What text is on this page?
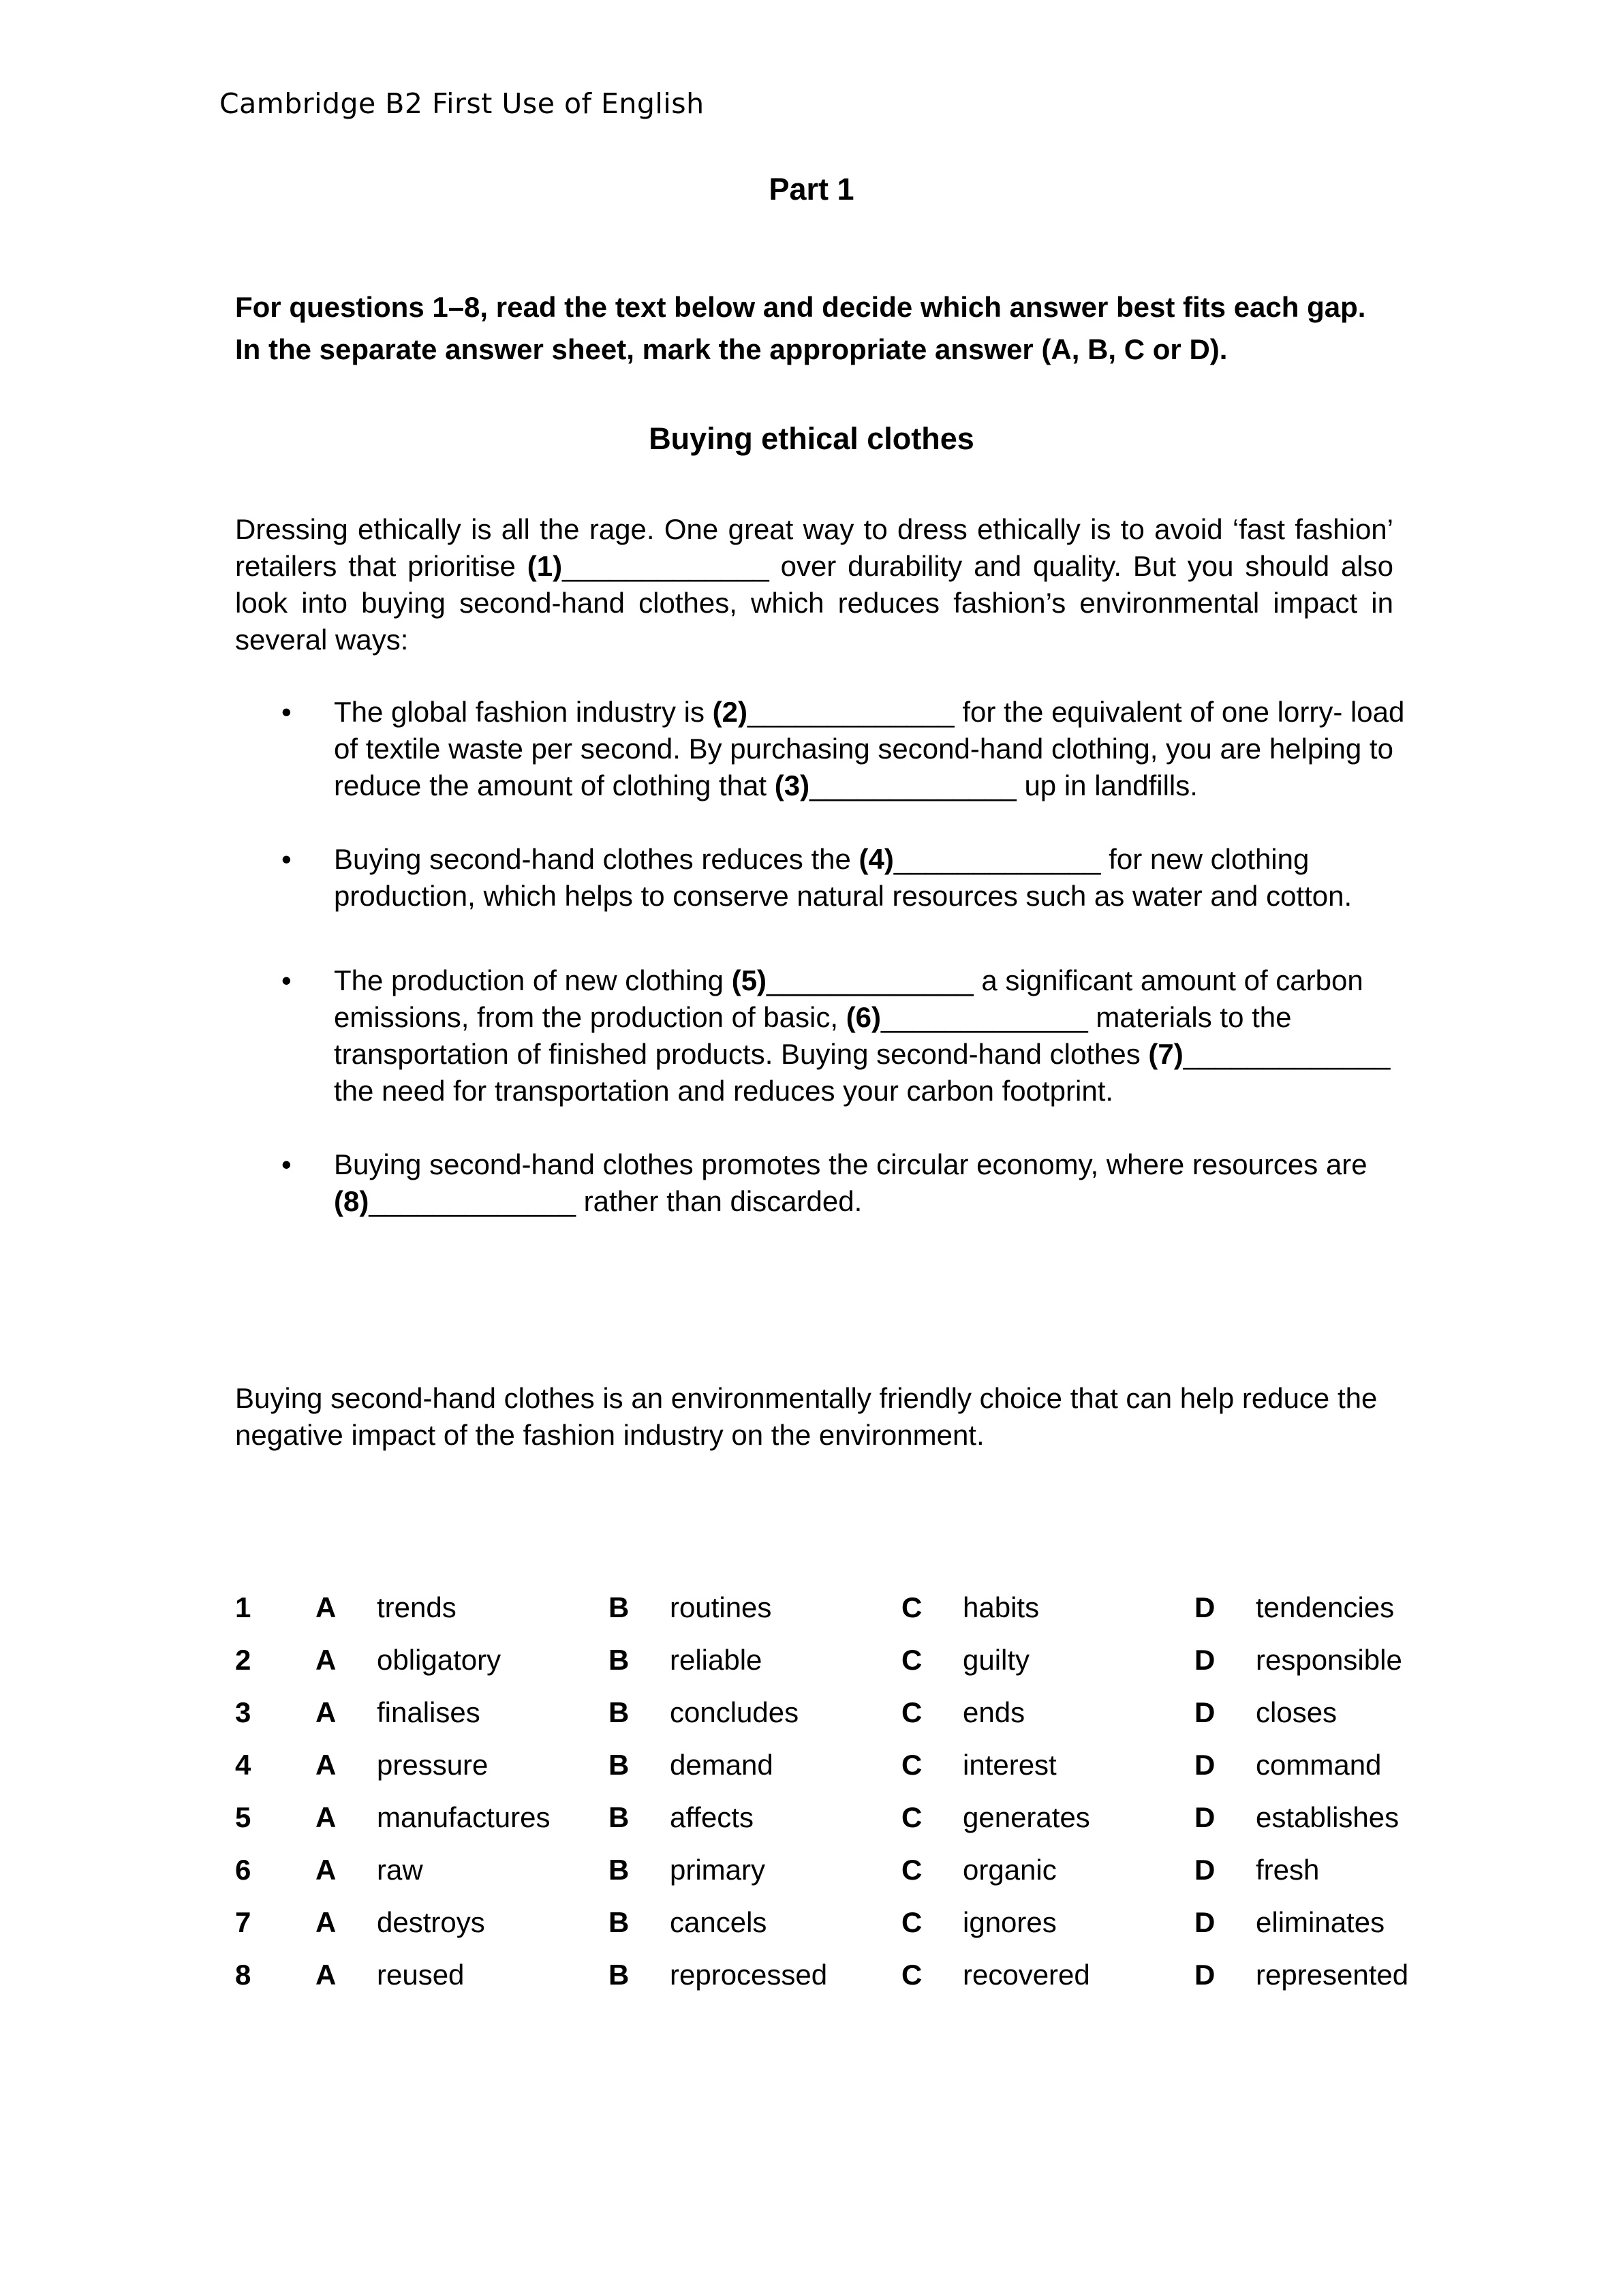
Cambridge B2 First Use of English
Part 1
For questions 1–8, read the text below and decide which answer best fits each gap.
In the separate answer sheet, mark the appropriate answer (A, B, C or D).
Buying ethical clothes
Dressing ethically is all the rage. One great way to dress ethically is to avoid ‘fast fashion’ retailers that prioritise (1)_____________ over durability and quality. But you should also look into buying second-hand clothes, which reduces fashion’s environmental impact in several ways:
• The global fashion industry is (2)_____________ for the equivalent of one lorry- load of textile waste per second. By purchasing second-hand clothing, you are helping to reduce the amount of clothing that (3)_____________ up in landfills.
• Buying second-hand clothes reduces the (4)_____________ for new clothing production, which helps to conserve natural resources such as water and cotton.
• The production of new clothing (5)_____________ a significant amount of carbon emissions, from the production of basic, (6)_____________ materials to the transportation of finished products. Buying second-hand clothes (7)_____________ the need for transportation and reduces your carbon footprint.
• Buying second-hand clothes promotes the circular economy, where resources are (8)_____________ rather than discarded.
Buying second-hand clothes is an environmentally friendly choice that can help reduce the negative impact of the fashion industry on the environment.
1	A	trends	B	routines	C	habits	D	tendencies
2	A	obligatory	B	reliable	C	guilty	D	responsible
3	A	finalises	B	concludes	C	ends	D	closes
4	A	pressure	B	demand	C	interest	D	command
5	A	manufactures	B	affects	C	generates	D	establishes
6	A	raw	B	primary	C	organic	D	fresh
7	A	destroys	B	cancels	C	ignores	D	eliminates
8	A	reused	B	reprocessed	C	recovered	D	represented
